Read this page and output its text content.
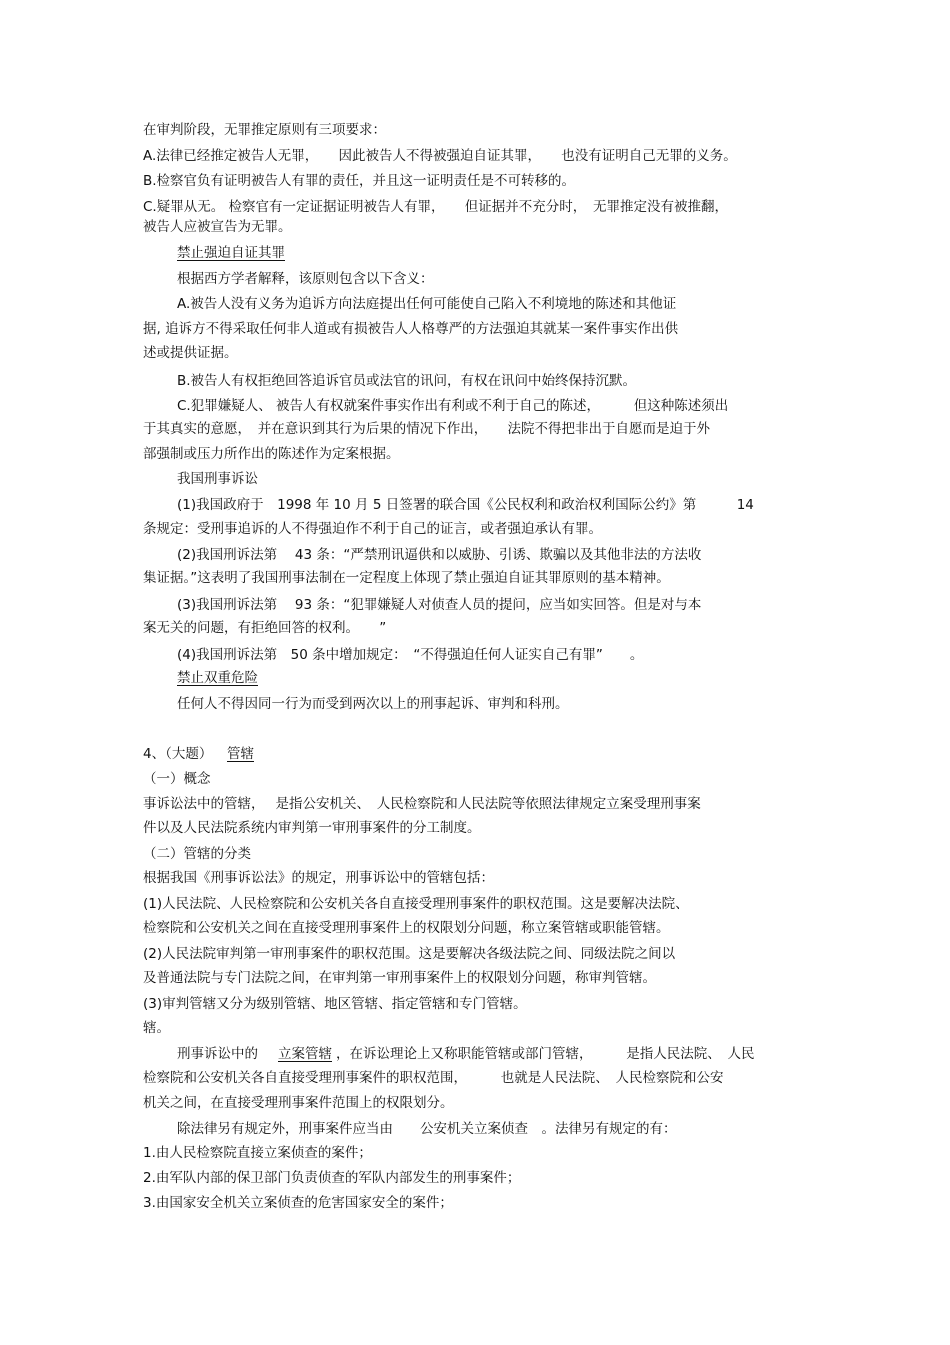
在审判阶段，无罪推定原则有三项要求：
A.法律已经推定被告人无罪，　　因此被告人不得被强迫自证其罪，　　也没有证明自己无罪的义务。
B.检察官负有证明被告人有罪的责任，并且这一证明责任是不可转移的。
C.疑罪从无。 检察官有一定证据证明被告人有罪，　　但证据并不充分时，　无罪推定没有被推翻，
被告人应被宣告为无罪。
禁止强迫自证其罪
根据西方学者解释，该原则包含以下含义：
A.被告人没有义务为追诉方向法庭提出任何可能使自己陷入不利境地的陈述和其他证
据, 追诉方不得采取任何非人道或有损被告人人格尊严的方法强迫其就某一案件事实作出供
述或提供证据。
B.被告人有权拒绝回答追诉官员或法官的讯问，有权在讯问中始终保持沉默。
C.犯罪嫌疑人、 被告人有权就案件事实作出有利或不利于自己的陈述，　　　但这种陈述须出
于其真实的意愿，　并在意识到其行为后果的情况下作出，　　法院不得把非出于自愿而是迫于外
部强制或压力所作出的陈述作为定案根据。
我国刑事诉讼
(1)我国政府于　1998 年 10 月 5 日签署的联合国《公民权利和政治权利国际公约》第　　　14
条规定：受刑事追诉的人不得强迫作不利于自己的证言，或者强迫承认有罪。
(2)我国刑诉法第　 43 条：“严禁刑讯逼供和以威胁、引诱、欺骗以及其他非法的方法收
集证据。”这表明了我国刑事法制在一定程度上体现了禁止强迫自证其罪原则的基本精神。
(3)我国刑诉法第　 93 条：“犯罪嫌疑人对侦查人员的提问，应当如实回答。但是对与本
案无关的问题，有拒绝回答的权利。　　”
(4)我国刑诉法第　50 条中增加规定：　“不得强迫任何人证实自己有罪”　　。
禁止双重危险
任何人不得因同一行为而受到两次以上的刑事起诉、审判和科刑。
4、（大题） 管辖
（一）概念
事诉讼法中的管辖，　 是指公安机关、　人民检察院和人民法院等依照法律规定立案受理刑事案
件以及人民法院系统内审判第一审刑事案件的分工制度。
（二）管辖的分类
根据我国《刑事诉讼法》的规定，刑事诉讼中的管辖包括：
(1)人民法院、人民检察院和公安机关各自直接受理刑事案件的职权范围。这是要解决法院、
检察院和公安机关之间在直接受理刑事案件上的权限划分问题，称立案管辖或职能管辖。
(2)人民法院审判第一审刑事案件的职权范围。这是要解决各级法院之间、同级法院之间以
及普通法院与专门法院之间，在审判第一审刑事案件上的权限划分问题，称审判管辖。
(3)审判管辖又分为级别管辖、地区管辖、指定管辖和专门管辖。
辖。
刑事诉讼中的 立案管辖 ，在诉讼理论上又称职能管辖或部门管辖，　　　是指人民法院、　人民
检察院和公安机关各自直接受理刑事案件的职权范围，　　　也就是人民法院、　人民检察院和公安
机关之间，在直接受理刑事案件范围上的权限划分。
除法律另有规定外，刑事案件应当由　　公安机关立案侦查　。法律另有规定的有：
1.由人民检察院直接立案侦查的案件；
2.由军队内部的保卫部门负责侦查的军队内部发生的刑事案件；
3.由国家安全机关立案侦查的危害国家安全的案件；
